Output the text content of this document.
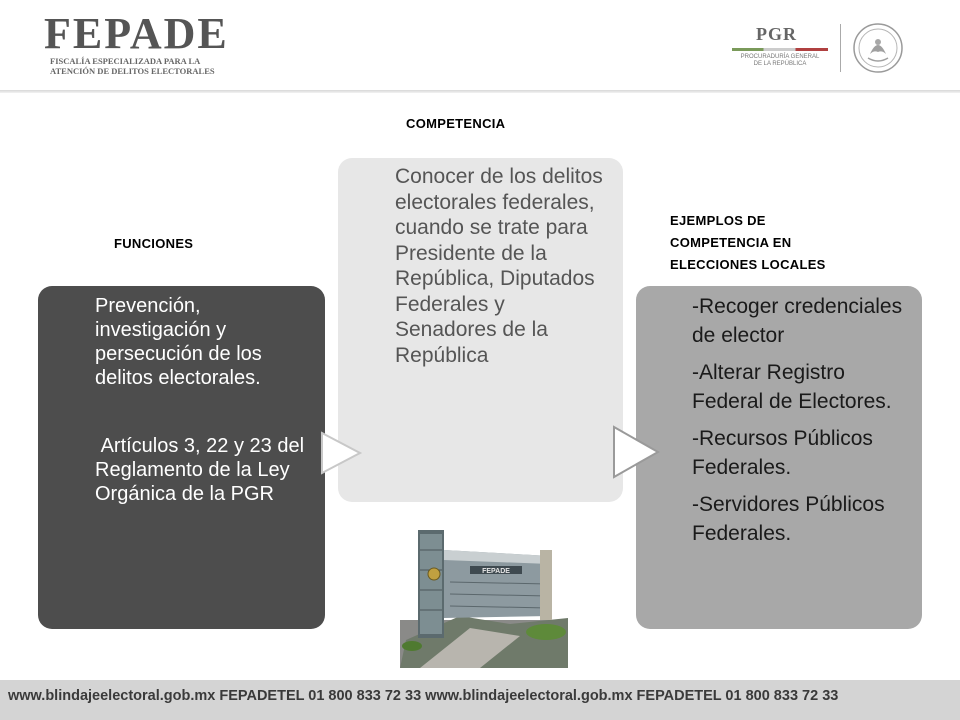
FEPADE
FISCALÍA ESPECIALIZADA PARA LA
ATENCIÓN DE DELITOS ELECTORALES
PGR
PROCURADURÍA GENERAL
DE LA REPÚBLICA
COMPETENCIA
FUNCIONES
EJEMPLOS DE
COMPETENCIA EN
ELECCIONES LOCALES

Prevención, investigación y persecución de los delitos electorales.

Artículos 3, 22 y 23 del Reglamento de la Ley Orgánica de la PGR

Conocer de los delitos electorales federales, cuando se trate para Presidente de la República, Diputados Federales y Senadores de la República

-Recoger credenciales de elector

-Alterar Registro Federal de Electores.

-Recursos Públicos Federales.

-Servidores Públicos Federales.

FEPADE
www.blindajeelectoral.gob.mx FEPADETEL 01 800 833 72 33 www.blindajeelectoral.gob.mx FEPADETEL 01 800 833 72 33
